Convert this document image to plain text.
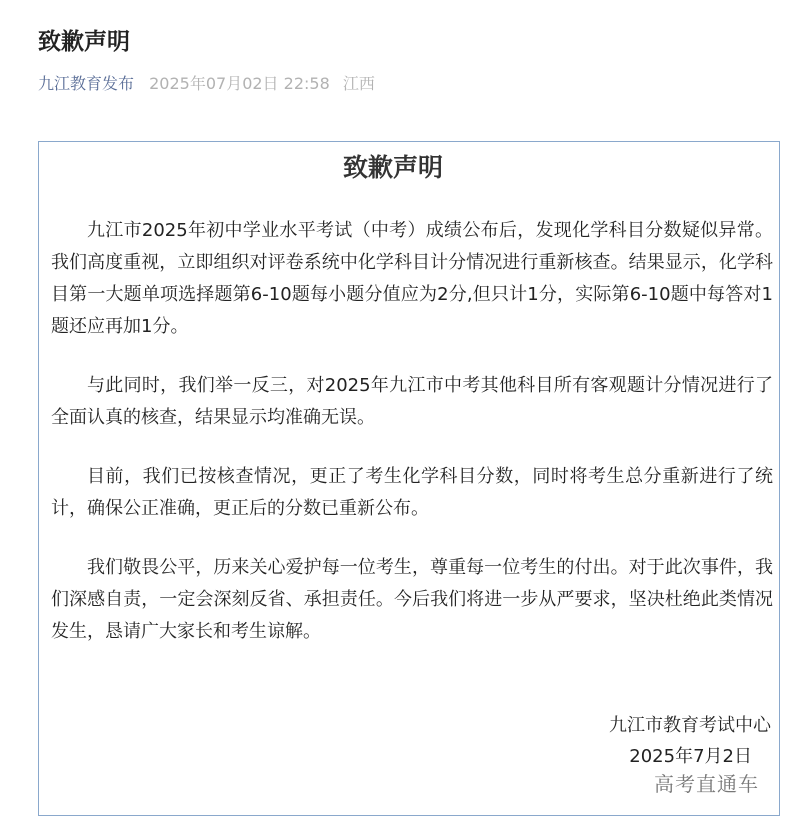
致歉声明
九江教育发布 2025年07月02日 22:58 江西
致歉声明

九江市2025年初中学业水平考试（中考）成绩公布后，发现化学科目分数疑似异常。我们高度重视，立即组织对评卷系统中化学科目计分情况进行重新核查。结果显示，化学科目第一大题单项选择题第6-10题每小题分值应为2分,但只计1分，实际第6-10题中每答对1题还应再加1分。

与此同时，我们举一反三，对2025年九江市中考其他科目所有客观题计分情况进行了全面认真的核查，结果显示均准确无误。

目前，我们已按核查情况，更正了考生化学科目分数，同时将考生总分重新进行了统计，确保公正准确，更正后的分数已重新公布。

我们敬畏公平，历来关心爱护每一位考生，尊重每一位考生的付出。对于此次事件，我们深感自责，一定会深刻反省、承担责任。今后我们将进一步从严要求，坚决杜绝此类情况发生，恳请广大家长和考生谅解。

九江市教育考试中心
2025年7月2日
高考直通车
